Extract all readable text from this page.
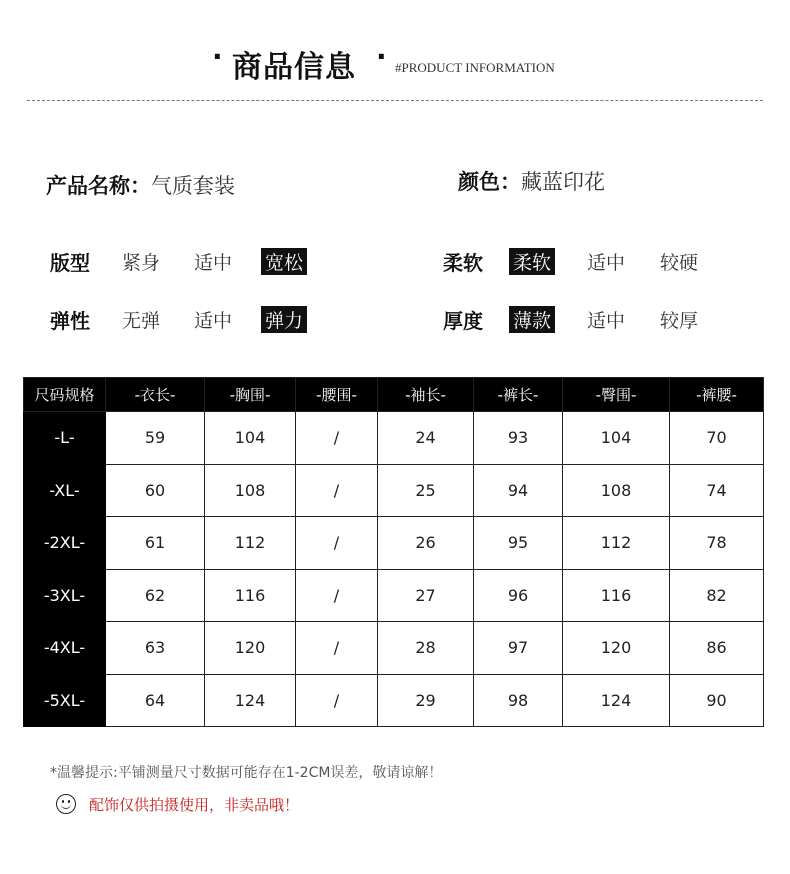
· 商品信息 · #PRODUCT INFORMATION
产品名称：气质套装	颜色：藏蓝印花
版型 紧身 适中 宽松
弹性 无弹 适中 弹力
柔软 柔软 适中 较硬
厚度 薄款 适中 较厚
尺码规格	-衣长-	-胸围-	-腰围-	-袖长-	-裤长-	-臀围-	-裤腰-
-L-	59	104	/	24	93	104	70
-XL-	60	108	/	25	94	108	74
-2XL-	61	112	/	26	95	112	78
-3XL-	62	116	/	27	96	116	82
-4XL-	63	120	/	28	97	120	86
-5XL-	64	124	/	29	98	124	90
*温馨提示:平铺测量尺寸数据可能存在1-2CM误差，敬请谅解！
配饰仅供拍摄使用，非卖品哦！
